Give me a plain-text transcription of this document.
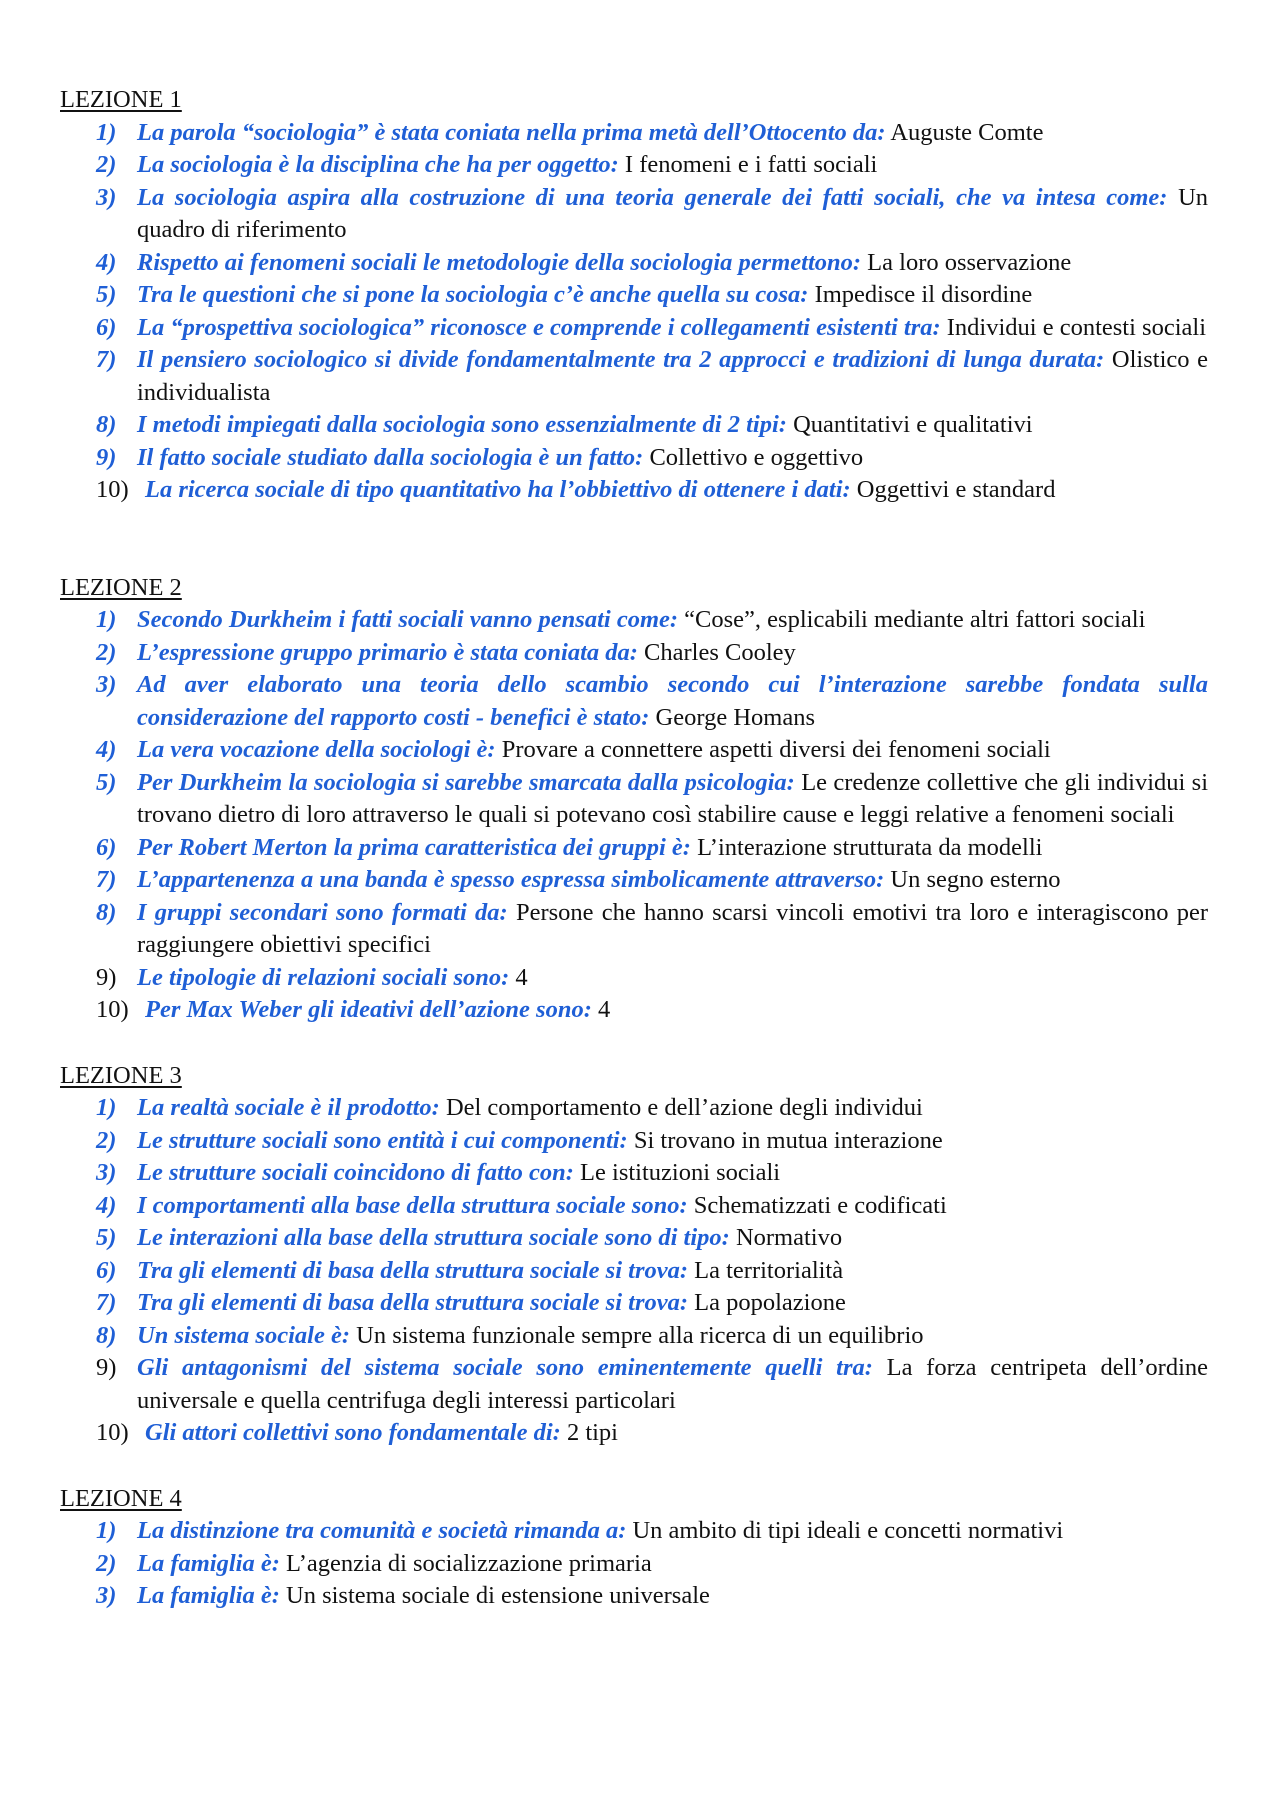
LEZIONE 1
1) La parola “sociologia” è stata coniata nella prima metà dell’Ottocento da: Auguste Comte
2) La sociologia è la disciplina che ha per oggetto: I fenomeni e i fatti sociali
3) La sociologia aspira alla costruzione di una teoria generale dei fatti sociali, che va intesa come: Un quadro di riferimento
4) Rispetto ai fenomeni sociali le metodologie della sociologia permettono: La loro osservazione
5) Tra le questioni che si pone la sociologia c’è anche quella su cosa: Impedisce il disordine
6) La “prospettiva sociologica” riconosce e comprende i collegamenti esistenti tra: Individui e contesti sociali
7) Il pensiero sociologico si divide fondamentalmente tra 2 approcci e tradizioni di lunga durata: Olistico e individualista
8) I metodi impiegati dalla sociologia sono essenzialmente di 2 tipi: Quantitativi e qualitativi
9) Il fatto sociale studiato dalla sociologia è un fatto: Collettivo e oggettivo
10) La ricerca sociale di tipo quantitativo ha l’obbiettivo di ottenere i dati: Oggettivi e standard
LEZIONE 2
1) Secondo Durkheim i fatti sociali vanno pensati come: “Cose”, esplicabili mediante altri fattori sociali
2) L’espressione gruppo primario è stata coniata da: Charles Cooley
3) Ad aver elaborato una teoria dello scambio secondo cui l’interazione sarebbe fondata sulla considerazione del rapporto costi - benefici è stato: George Homans
4) La vera vocazione della sociologi è: Provare a connettere aspetti diversi dei fenomeni sociali
5) Per Durkheim la sociologia si sarebbe smarcata dalla psicologia: Le credenze collettive che gli individui si trovano dietro di loro attraverso le quali si potevano così stabilire cause e leggi relative a fenomeni sociali
6) Per Robert Merton la prima caratteristica dei gruppi è: L’interazione strutturata da modelli
7) L’appartenenza a una banda è spesso espressa simbolicamente attraverso: Un segno esterno
8) I gruppi secondari sono formati da: Persone che hanno scarsi vincoli emotivi tra loro e interagiscono per raggiungere obiettivi specifici
9) Le tipologie di relazioni sociali sono: 4
10) Per Max Weber gli ideativi dell’azione sono: 4
LEZIONE 3
1) La realtà sociale è il prodotto: Del comportamento e dell’azione degli individui
2) Le strutture sociali sono entità i cui componenti: Si trovano in mutua interazione
3) Le strutture sociali coincidono di fatto con: Le istituzioni sociali
4) I comportamenti alla base della struttura sociale sono: Schematizzati e codificati
5) Le interazioni alla base della struttura sociale sono di tipo: Normativo
6) Tra gli elementi di basa della struttura sociale si trova: La territorialità
7) Tra gli elementi di basa della struttura sociale si trova: La popolazione
8) Un sistema sociale è: Un sistema funzionale sempre alla ricerca di un equilibrio
9) Gli antagonismi del sistema sociale sono eminentemente quelli tra: La forza centripeta dell’ordine universale e quella centrifuga degli interessi particolari
10) Gli attori collettivi sono fondamentale di: 2 tipi
LEZIONE 4
1) La distinzione tra comunità e società rimanda a: Un ambito di tipi ideali e concetti normativi
2) La famiglia è: L’agenzia di socializzazione primaria
3) La famiglia è: Un sistema sociale di estensione universale
